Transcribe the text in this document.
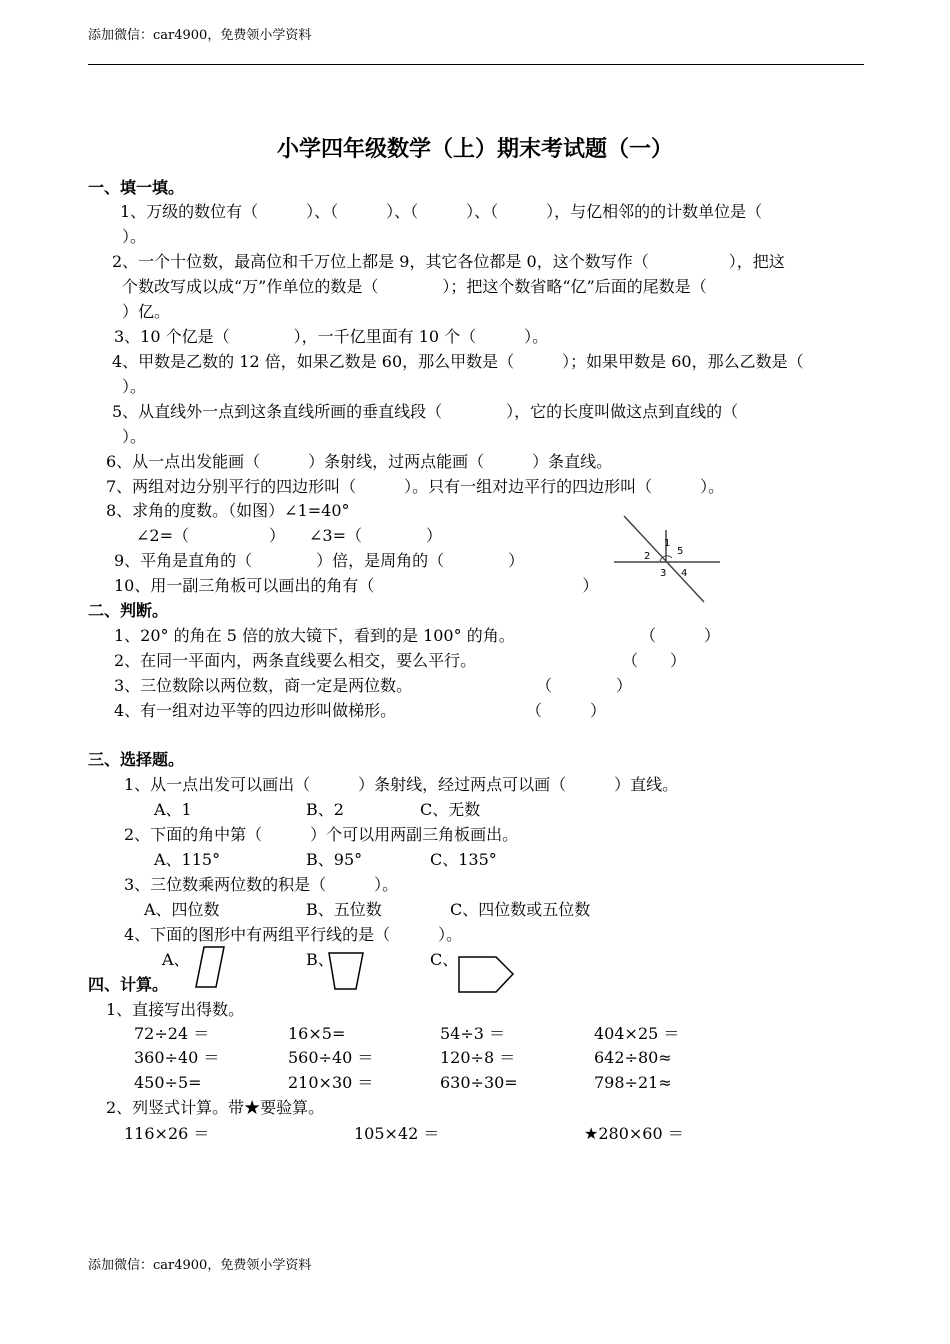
添加微信：car4900，免费领小学资料
小学四年级数学（上）期末考试题（一）
一、填一填。
1、万级的数位有（　　　）、（　　　）、（　　　）、（　　　），与亿相邻的的计数单位是（
）。
2、一个十位数，最高位和千万位上都是 9，其它各位都是 0，这个数写作（　　　　　），把这
个数改写成以成“万”作单位的数是（　　　　）；把这个数省略“亿”后面的尾数是（
）亿。
3、10 个亿是（　　　　），一千亿里面有 10 个（　　　）。
4、甲数是乙数的 12 倍，如果乙数是 60，那么甲数是（　　　）；如果甲数是 60，那么乙数是（
）。
5、从直线外一点到这条直线所画的垂直线段（　　　　），它的长度叫做这点到直线的（
）。
6、从一点出发能画（　　　）条射线，过两点能画（　　　）条直线。
7、两组对边分别平行的四边形叫（　　　）。只有一组对边平行的四边形叫（　　　）。
8、求角的度数。（如图）∠1=40°
∠2=（　　　　　）　　∠3=（　　　　）
9、平角是直角的（　　　　）倍，是周角的（　　　　）
10、用一副三角板可以画出的角有（　　　　　　　　　　　　　）
1
2
3 4
5
二、判断。
1、20° 的角在 5 倍的放大镜下，看到的是 100° 的角。	（　　　）
2、在同一平面内，两条直线要么相交，要么平行。	（　　）
3、三位数除以两位数，商一定是两位数。	（　　　　）
4、有一组对边平等的四边形叫做梯形。	（　　　）
三、选择题。
1、从一点出发可以画出（　　　）条射线，经过两点可以画（　　　）直线。
A、1	B、2	C、无数
2、下面的角中第（　　　）个可以用两副三角板画出。
A、115°	B、95°	C、135°
3、三位数乘两位数的积是（　　　）。
A、四位数	B、五位数	C、四位数或五位数
4、下面的图形中有两组平行线的是（　　　）。
A、	B、	C、
四、计算。
1、直接写出得数。
72÷24 ＝	16×5=	54÷3 ＝	404×25 ＝
360÷40 ＝	560÷40 ＝	120÷8 ＝	642÷80≈
450÷5=	210×30 ＝	630÷30=	798÷21≈
2、列竖式计算。带★要验算。
116×26 ＝	105×42 ＝	★280×60 ＝
添加微信：car4900，免费领小学资料
